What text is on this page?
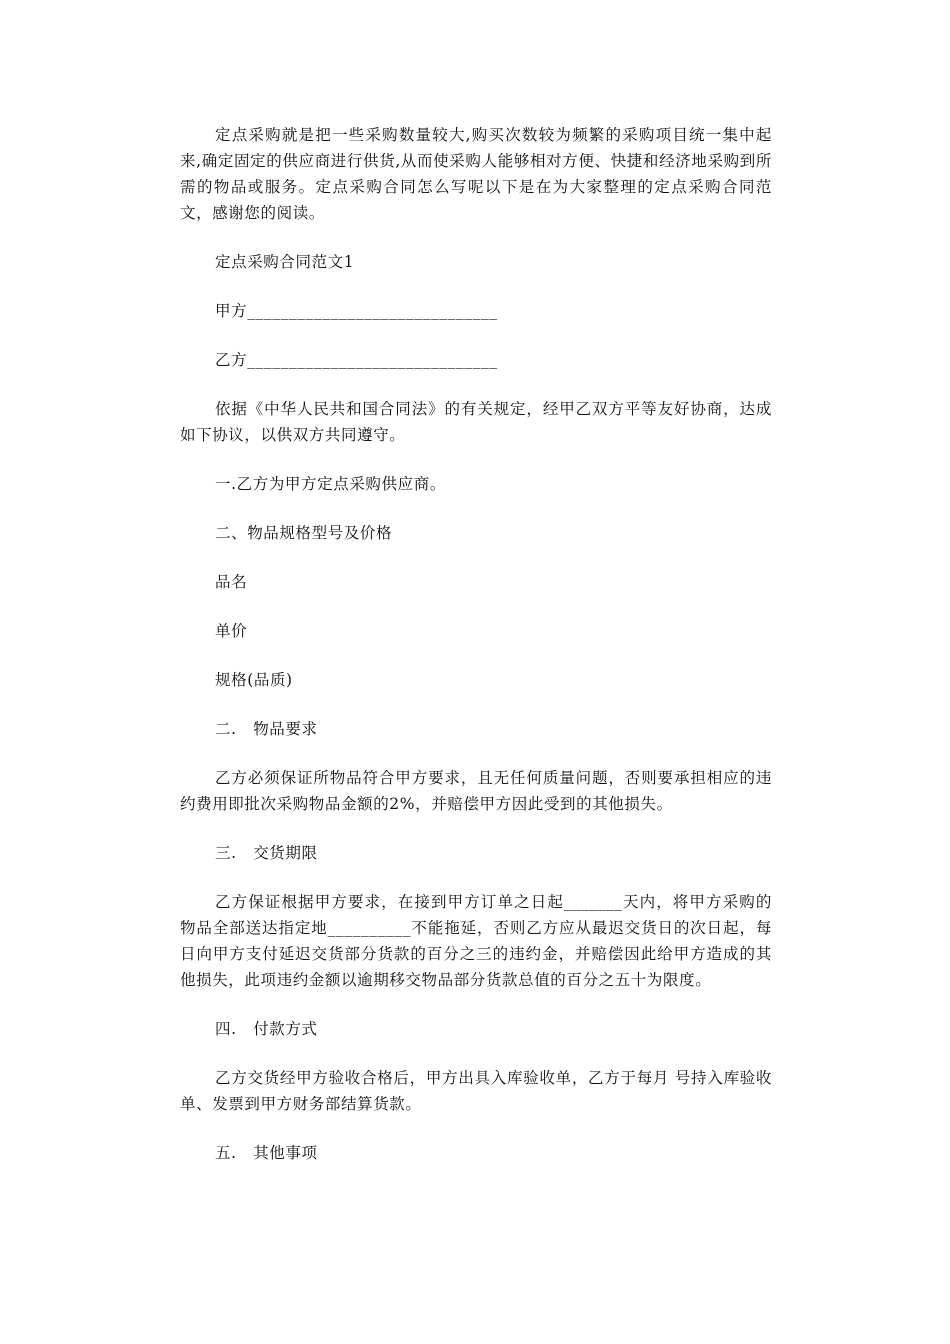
定点采购就是把一些采购数量较大,购买次数较为频繁的采购项目统一集中起来,确定固定的供应商进行供货,从而使采购人能够相对方便、快捷和经济地采购到所需的物品或服务。定点采购合同怎么写呢以下是在为大家整理的定点采购合同范文，感谢您的阅读。

定点采购合同范文1

甲方______________________________

乙方______________________________

依据《中华人民共和国合同法》的有关规定，经甲乙双方平等友好协商，达成如下协议，以供双方共同遵守。

一.乙方为甲方定点采购供应商。

二、物品规格型号及价格

品名

单价

规格(品质)

二.   物品要求

乙方必须保证所物品符合甲方要求，且无任何质量问题，否则要承担相应的违约费用即批次采购物品金额的2%，并赔偿甲方因此受到的其他损失。

三.   交货期限

乙方保证根据甲方要求，在接到甲方订单之日起_______天内，将甲方采购的物品全部送达指定地__________不能拖延，否则乙方应从最迟交货日的次日起，每日向甲方支付延迟交货部分货款的百分之三的违约金，并赔偿因此给甲方造成的其他损失，此项违约金额以逾期移交物品部分货款总值的百分之五十为限度。

四.   付款方式

乙方交货经甲方验收合格后，甲方出具入库验收单，乙方于每月 号持入库验收单、发票到甲方财务部结算货款。

五.   其他事项
